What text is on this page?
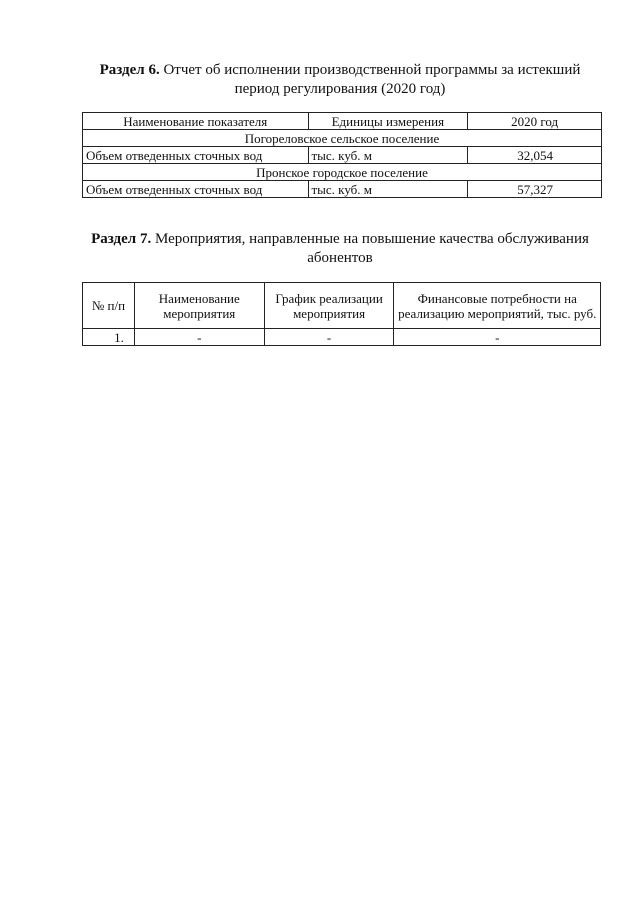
Раздел 6. Отчет об исполнении производственной программы за истекший период регулирования (2020 год)
Наименование показателя	Единицы измерения	2020 год
Погореловское сельское поселение		
Объем отведенных сточных вод	тыс. куб. м	32,054
Пронское городское поселение		
Объем отведенных сточных вод	тыс. куб. м	57,327
Раздел 7. Мероприятия, направленные на повышение качества обслуживания абонентов
№ п/п	Наименование мероприятия	График реализации мероприятия	Финансовые потребности на реализацию мероприятий, тыс. руб.
1.	-	-	-
